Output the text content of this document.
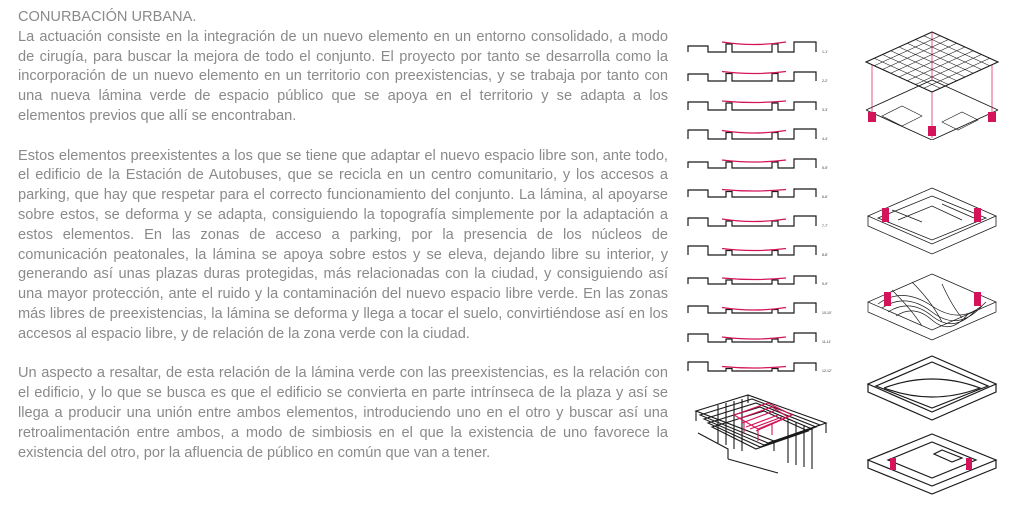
CONURBACIÓN URBANA.

La actuación consiste en la integración de un nuevo elemento en un entorno consolidado, a modo de cirugía, para buscar la mejora de todo el conjunto. El proyecto por tanto se desarrolla como la incorporación de un nuevo elemento en un territorio con preexistencias, y se trabaja por tanto con una nueva lámina verde de espacio público que se apoya en el territorio y se adapta a los elementos previos que allí se encontraban.

Estos elementos preexistentes a los que se tiene que adaptar el nuevo espacio libre son, ante todo, el edificio de la Estación de Autobuses, que se recicla en un centro comunitario, y los accesos a parking, que hay que respetar para el correcto funcionamiento del conjunto. La lámina, al apoyarse sobre estos, se deforma y se adapta, consiguiendo la topografía simplemente por la adaptación a estos elementos. En las zonas de acceso a parking, por la presencia de los núcleos de comunicación peatonales, la lámina se apoya sobre estos y se eleva, dejando libre su interior, y generando así unas plazas duras protegidas, más relacionadas con la ciudad, y consiguiendo así una mayor protección, ante el ruido y la contaminación del nuevo espacio libre verde. En las zonas más libres de preexistencias, la lámina se deforma y llega a tocar el suelo, convirtiéndose así en los accesos al espacio libre, y de relación de la zona verde con la ciudad.

Un aspecto a resaltar, de esta relación de la lámina verde con las preexistencias, es la relación con el edificio, y lo que se busca es que el edificio se convierta en parte intrínseca de la plaza y así se llega a producir una unión entre ambos elementos, introduciendo uno en el otro y buscar así una retroalimentación entre ambos, a modo de simbiosis en el que la existencia de uno favorece la existencia del otro, por la afluencia de público en común que van a tener.

1-1'
2-2'
3-3'
4-4'
5-5'
6-6'
7-7'
8-8'
9-9'
10-10'
11-11'
12-12'
